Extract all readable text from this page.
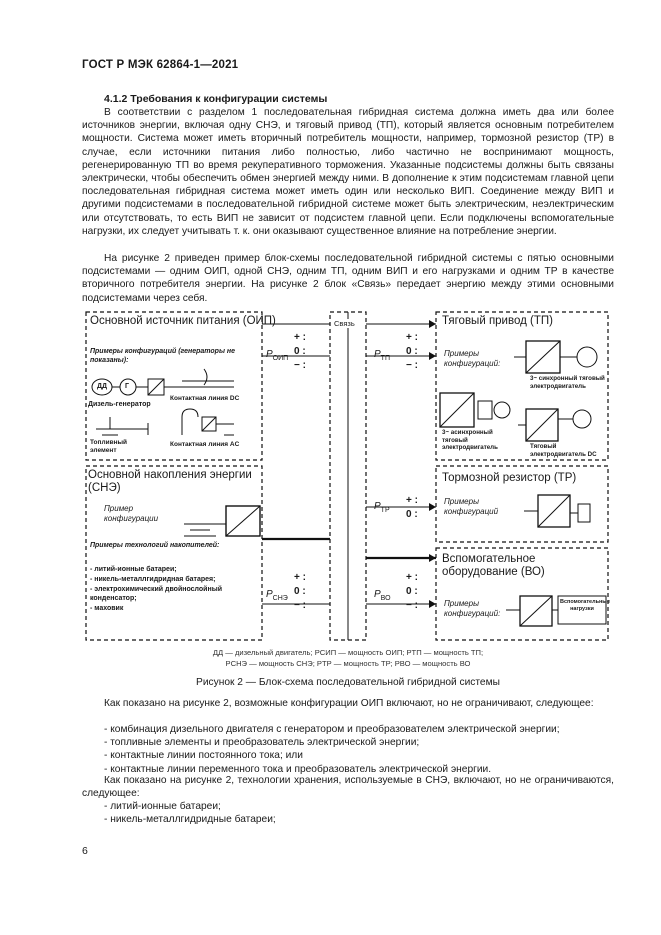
ГОСТ Р МЭК 62864-1—2021
4.1.2 Требования к конфигурации системы
В соответствии с разделом 1 последовательная гибридная система должна иметь два или более источников энергии, включая одну СНЭ, и тяговый привод (ТП), который является основным потребителем мощности. Система может иметь вторичный потребитель мощности, например, тормозной резистор (ТР) в случае, если источники питания либо полностью, либо частично не воспринимают мощность, регенерированную ТП во время рекуперативного торможения. Указанные подсистемы должны быть связаны электрически, чтобы обеспечить обмен энергией между ними. В дополнение к этим подсистемам главной цепи последовательная гибридная система может иметь один или несколько ВИП. Соединение между ВИП и другими подсистемами в последовательной гибридной системе может быть электрическим, неэлектрическим или отсутствовать, то есть ВИП не зависит от подсистем главной цепи. Если подключены вспомогательные нагрузки, их следует учитывать т. к. они оказывают существенное влияние на потребление энергии.
На рисунке 2 приведен пример блок-схемы последовательной гибридной системы с пятью основными подсистемами — одним ОИП, одной СНЭ, одним ТП, одним ВИП и его нагрузками и одним ТР в качестве вторичного потребителя энергии. На рисунке 2 блок «Связь» передает энергию между этими основными подсистемами через себя.
Основной источник питания (ОИП)
Примеры конфигураций (генераторы не показаны):
ДД	Г
Дизель-генератор
Контактная линия DC
Топливный элемент
Контактная линия AC
Основной накопления энергии (СНЭ)
Пример конфигурации
Примеры технологий накопителей:
- литий-ионные батареи;
- никель-металлгидридная батарея;
- электрохимический двойнослойный конденсатор;
- маховик
+ :
0 :
− :
$P_{ОИП}$
+ :
0 :
− :
$P_{СНЭ}$
Связь
+ :
0 :
− :
$P_{ТП}$
+ :
0 :
$P_{ТР}$
+ :
0 :
− :
$P_{ВО}$
Тяговый привод (ТП)
Примеры конфигураций:
3~ синхронный тяговый электродвигатель
3~ асинхронный тяговый электродвигатель	Тяговый электродвигатель DC
Тормозной резистор (ТР)
Примеры конфигураций
Вспомогательное оборудование (ВО)
Примеры конфигураций:
Вспомогательные нагрузки
ДД — дизельный двигатель; PСИП — мощность ОИП; PТП — мощность ТП;
PСНЭ — мощность СНЭ; PТР — мощность ТР; PВО — мощность ВО
Рисунок 2 — Блок-схема последовательной гибридной системы
Как показано на рисунке 2, возможные конфигурации ОИП включают, но не ограничивают, следующее:
- комбинация дизельного двигателя с генератором и преобразователем электрической энергии;
- топливные элементы и преобразователь электрической энергии;
- контактные линии постоянного тока; или
- контактные линии переменного тока и преобразователь электрической энергии.
Как показано на рисунке 2, технологии хранения, используемые в СНЭ, включают, но не ограничиваются, следующее:
- литий-ионные батареи;
- никель-металлгидридные батареи;
6
